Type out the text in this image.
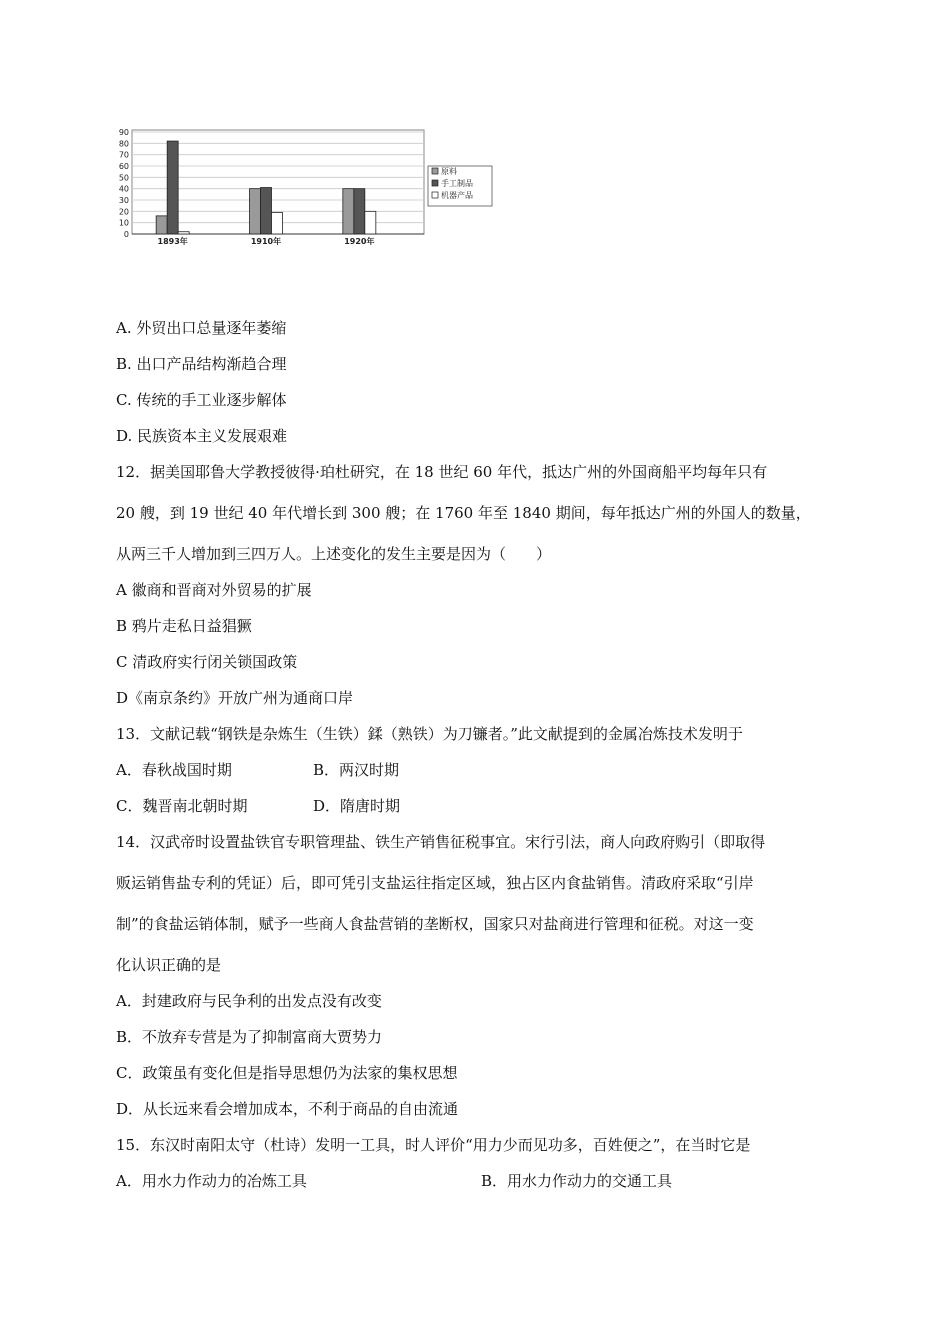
0
10
20
30
40
50
60
70
80
90
1893年	1910年	1920年
原料
手工制品
机器产品
A. 外贸出口总量逐年萎缩
B. 出口产品结构渐趋合理
C. 传统的手工业逐步解体
D. 民族资本主义发展艰难
12．据美国耶鲁大学教授彼得·珀杜研究，在 18 世纪 60 年代，抵达广州的外国商船平均每年只有
20 艘，到 19 世纪 40 年代增长到 300 艘；在 1760 年至 1840 期间，每年抵达广州的外国人的数量，
从两三千人增加到三四万人。上述变化的发生主要是因为（　　）
A 徽商和晋商对外贸易的扩展
B 鸦片走私日益猖獗
C 清政府实行闭关锁国政策
D《南京条约》开放广州为通商口岸
13．文献记载“钢铁是杂炼生（生铁）鍒（熟铁）为刀镰者。”此文献提到的金属冶炼技术发明于
A．春秋战国时期	B．两汉时期
C．魏晋南北朝时期	D．隋唐时期
14．汉武帝时设置盐铁官专职管理盐、铁生产销售征税事宜。宋行引法，商人向政府购引（即取得
贩运销售盐专利的凭证）后，即可凭引支盐运往指定区域，独占区内食盐销售。清政府采取“引岸
制”的食盐运销体制，赋予一些商人食盐营销的垄断权，国家只对盐商进行管理和征税。对这一变
化认识正确的是
A．封建政府与民争利的出发点没有改变
B．不放弃专营是为了抑制富商大贾势力
C．政策虽有变化但是指导思想仍为法家的集权思想
D．从长远来看会增加成本，不利于商品的自由流通
15．东汉时南阳太守（杜诗）发明一工具，时人评价“用力少而见功多，百姓便之”，在当时它是
A．用水力作动力的冶炼工具	B．用水力作动力的交通工具
